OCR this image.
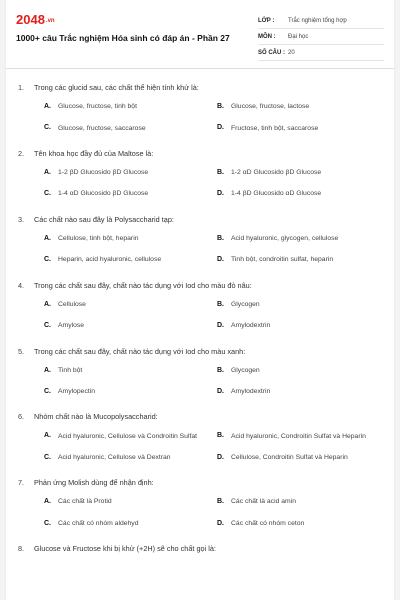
2048.vn
1000+ câu Trắc nghiệm Hóa sinh có đáp án - Phần 27
LỚP :	Trắc nghiệm tổng hợp
MÔN :	Đại học
SỐ CÂU : 20
1.	Trong các glucid sau, các chất thể hiện tính khử là:
A.	Glucose, fructose, tinh bột	B.	Glucose, fructose, lactose
C.	Glucose, fructose, saccarose	D.	Fructose, tinh bột, saccarose
2.	Tên khoa học đầy đủ của Maltose là:
A.	1-2 βD Glucosido βD Glucose	B.	1-2 αD Glucosido βD Glucose
C.	1-4 αD Glucosido βD Glucose	D.	1-4 βD Glucosido αD Glucose
3.	Các chất nào sau đây là Polysaccharid tạp:
A.	Cellulose, tinh bột, heparin	B.	Acid hyaluronic, glycogen, cellulose
C.	Heparin, acid hyaluronic, cellulose	D.	Tinh bột, condroitin sulfat, heparin
4.	Trong các chất sau đây, chất nào tác dụng với Iod cho màu đỏ nâu:
A.	Cellulose	B.	Glycogen
C.	Amylose	D.	Amylodextrin
5.	Trong các chất sau đây, chất nào tác dụng với Iod cho màu xanh:
A.	Tinh bột	B.	Glycogen
C.	Amylopectin	D.	Amylodextrin
6.	Nhóm chất nào là Mucopolysaccharid:
A.	Acid hyaluronic, Cellulose và Condroitin Sulfat	B.	Acid hyaluronic, Condroitin Sulfat và Heparin
C.	Acid hyaluronic, Cellulose và Dextran	D.	Cellulose, Condroitin Sulfat và Heparin
7.	Phản ứng Molish dùng để nhận định:
A.	Các chất là Protid	B.	Các chất là acid amin
C.	Các chất có nhóm aldehyd	D.	Các chất có nhóm ceton
8.	Glucose và Fructose khi bị khử (+2H) sẽ cho chất gọi là:
